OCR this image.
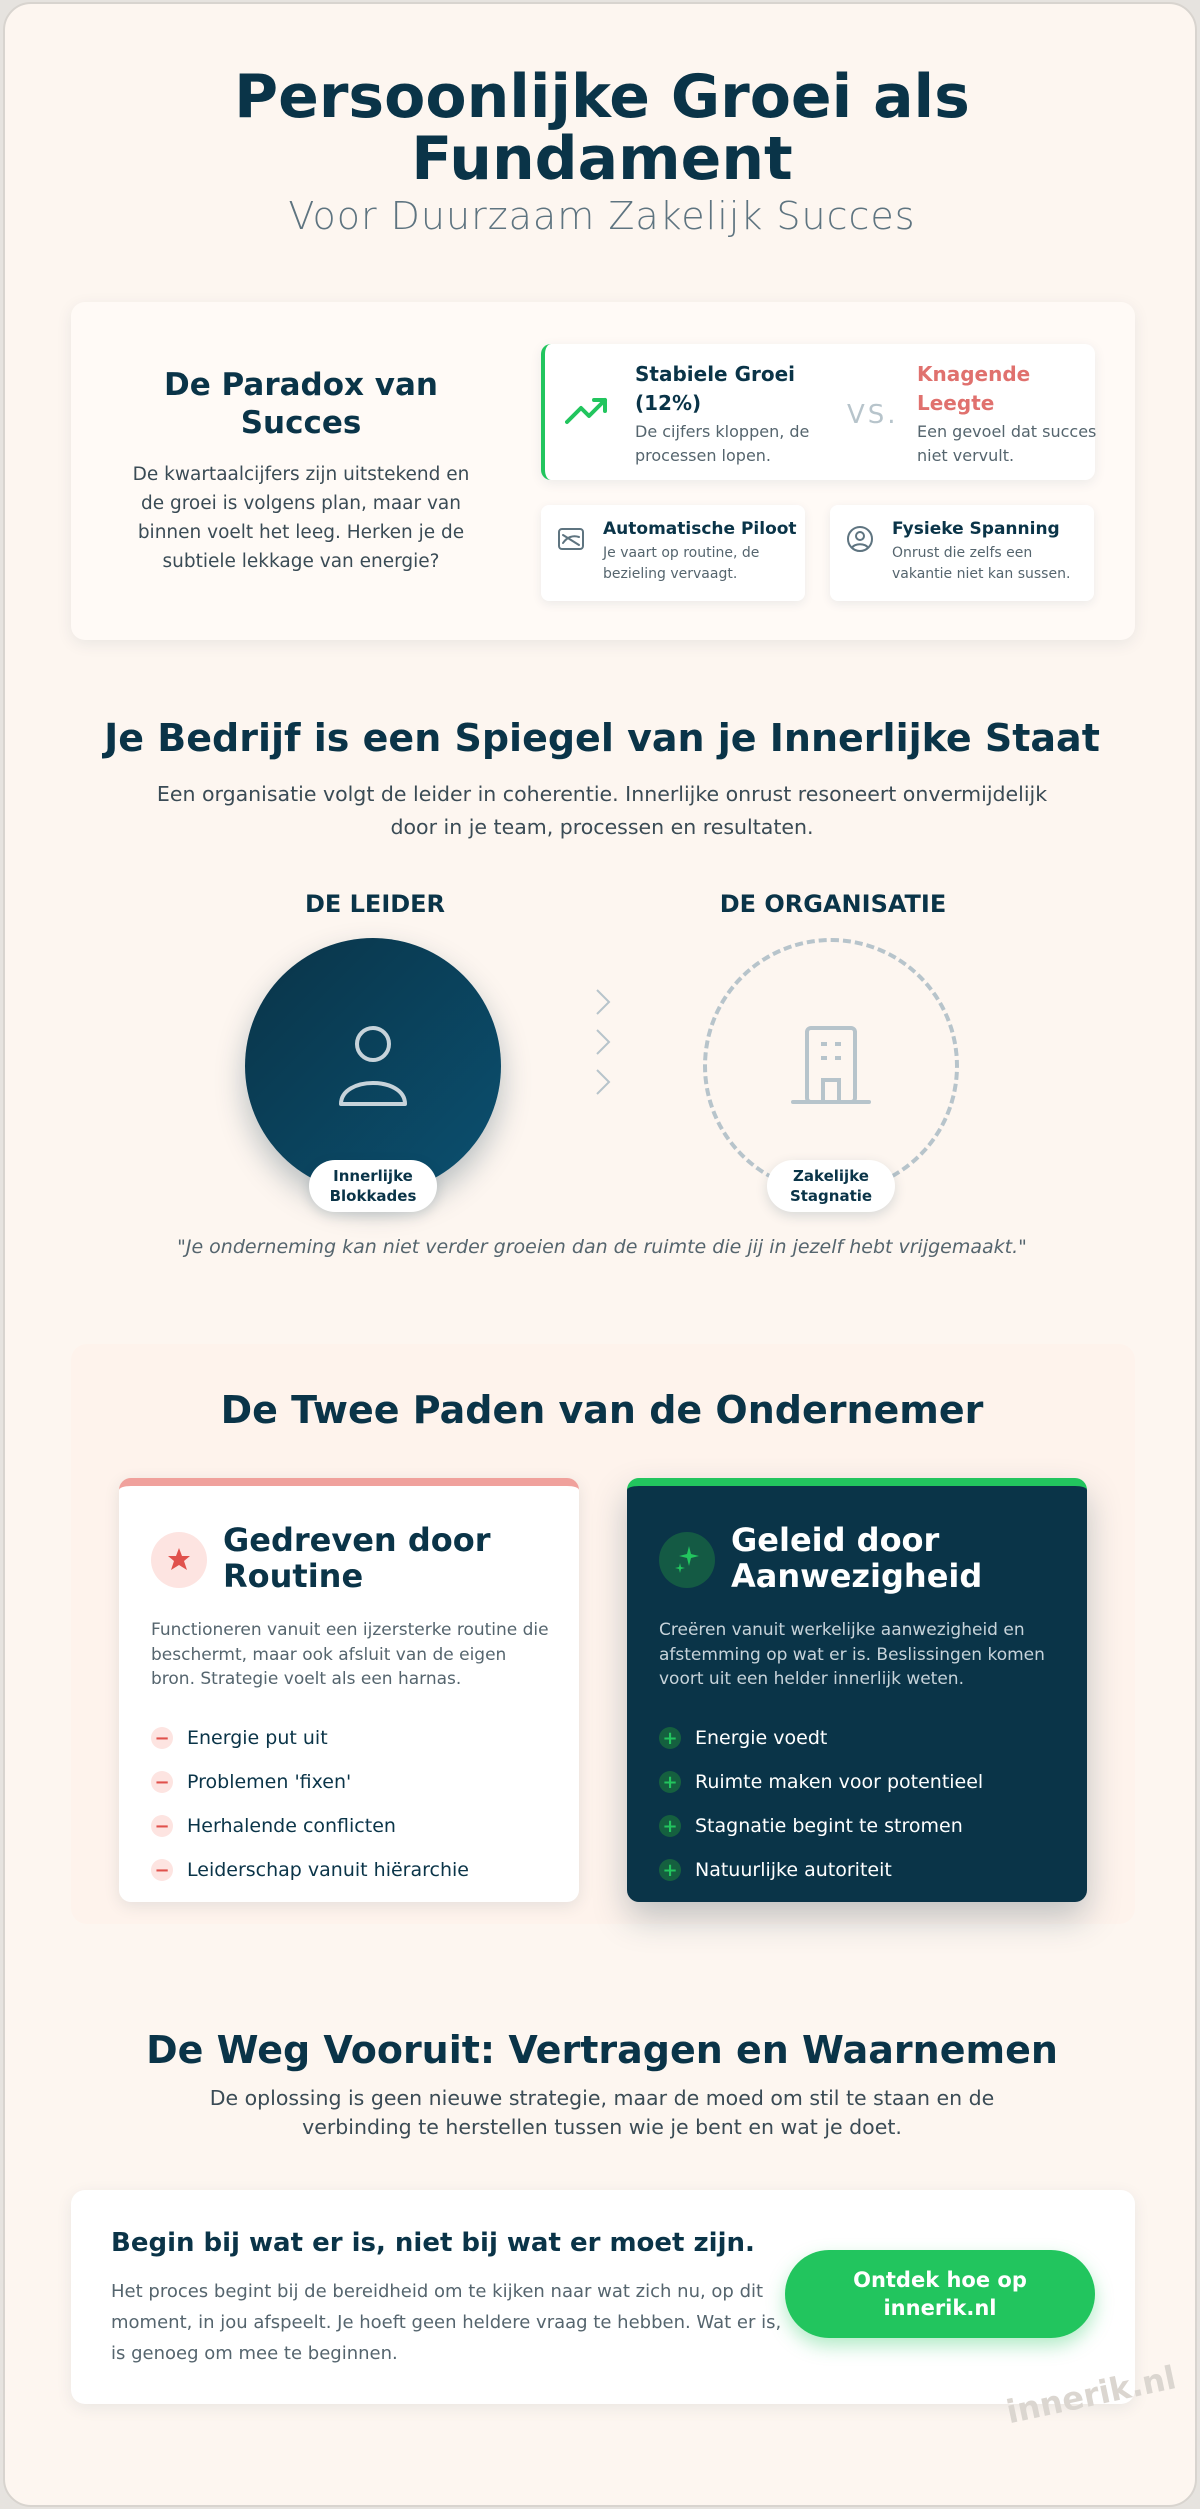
Persoonlijke Groei als
Fundament
Voor Duurzaam Zakelijk Succes
De Paradox van Succes
De kwartaalcijfers zijn uitstekend en de groei is volgens plan, maar van binnen voelt het leeg. Herken je de subtiele lekkage van energie?
Stabiele Groei (12%)
De cijfers kloppen, de processen lopen.
VS.
Knagende Leegte
Een gevoel dat succes niet vervult.
Automatische Piloot
Je vaart op routine, de bezieling vervaagt.
Fysieke Spanning
Onrust die zelfs een vakantie niet kan sussen.
Je Bedrijf is een Spiegel van je Innerlijke Staat
Een organisatie volgt de leider in coherentie. Innerlijke onrust resoneert onvermijdelijk door in je team, processen en resultaten.
DE LEIDER	DE ORGANISATIE
Innerlijke
Blokkades
Zakelijke
Stagnatie
"Je onderneming kan niet verder groeien dan de ruimte die jij in jezelf hebt vrijgemaakt."
De Twee Paden van de Ondernemer
Gedreven door Routine
Functioneren vanuit een ijzersterke routine die beschermt, maar ook afsluit van de eigen bron. Strategie voelt als een harnas.
− Energie put uit
− Problemen 'fixen'
− Herhalende conflicten
− Leiderschap vanuit hiërarchie
Geleid door Aanwezigheid
Creëren vanuit werkelijke aanwezigheid en afstemming op wat er is. Beslissingen komen voort uit een helder innerlijk weten.
+ Energie voedt
+ Ruimte maken voor potentieel
+ Stagnatie begint te stromen
+ Natuurlijke autoriteit
De Weg Vooruit: Vertragen en Waarnemen
De oplossing is geen nieuwe strategie, maar de moed om stil te staan en de verbinding te herstellen tussen wie je bent en wat je doet.
Begin bij wat er is, niet bij wat er moet zijn.
Het proces begint bij de bereidheid om te kijken naar wat zich nu, op dit moment, in jou afspeelt. Je hoeft geen heldere vraag te hebben. Wat er is, is genoeg om mee te beginnen.
Ontdek hoe op
innerik.nl
innerik.nl
